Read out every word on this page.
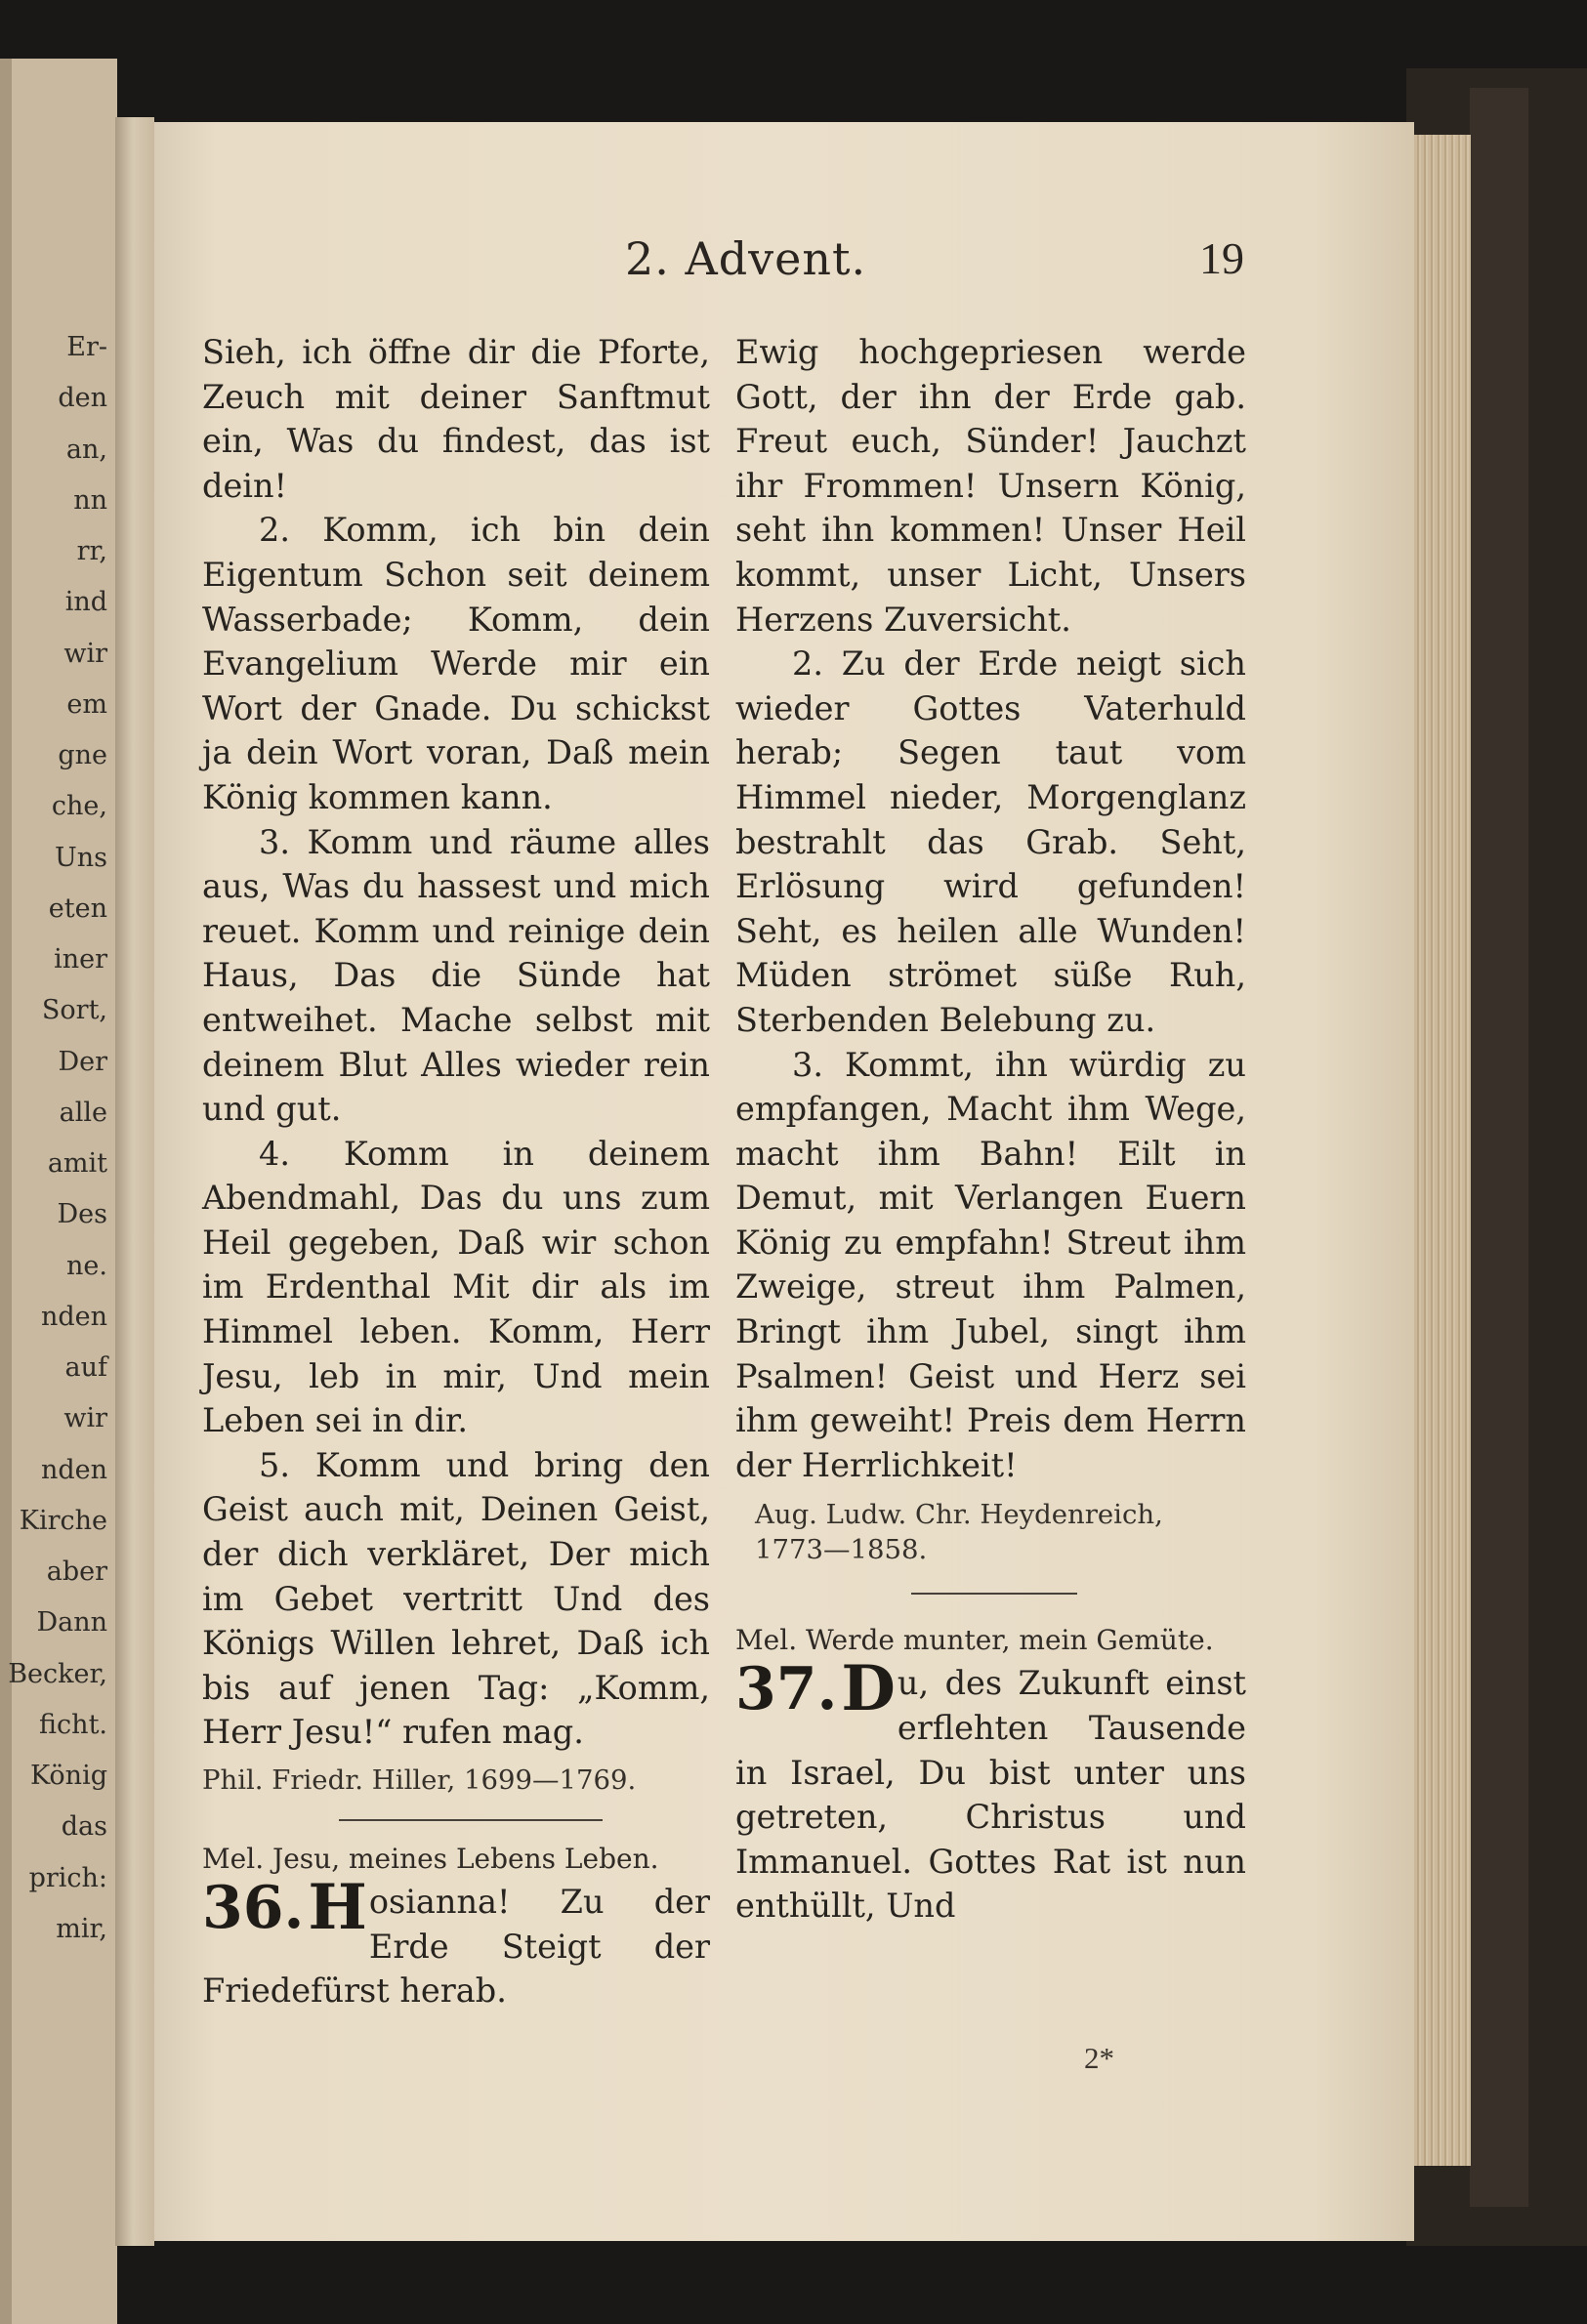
Er-
den
an,
nn
rr,
ind
wir
em
gne
che,
Uns
eten
iner
Sort,
Der
alle
amit
Des
ne.
nden
auf
wir
nden
Kirche
aber
Dann
Becker,
ficht.
König
das
prich:
mir,
2. Advent.	19

Sieh, ich öffne dir die Pforte, Zeuch mit deiner Sanftmut ein, Was du findest, das ist dein!

2. Komm, ich bin dein Eigentum Schon seit deinem Wasserbade; Komm, dein Evangelium Werde mir ein Wort der Gnade. Du schickst ja dein Wort voran, Daß mein König kommen kann.

3. Komm und räume alles aus, Was du hassest und mich reuet. Komm und reinige dein Haus, Das die Sünde hat entweihet. Mache selbst mit deinem Blut Alles wieder rein und gut.

4. Komm in deinem Abendmahl, Das du uns zum Heil gegeben, Daß wir schon im Erdenthal Mit dir als im Himmel leben. Komm, Herr Jesu, leb in mir, Und mein Leben sei in dir.

5. Komm und bring den Geist auch mit, Deinen Geist, der dich verkläret, Der mich im Gebet vertritt Und des Königs Willen lehret, Daß ich bis auf jenen Tag: „Komm, Herr Jesu!“ rufen mag.

Phil. Friedr. Hiller, 1699—1769.

Mel. Jesu, meines Lebens Leben.

36. H osianna! Zu der Erde Steigt der Friedefürst herab.

Ewig hochgepriesen werde Gott, der ihn der Erde gab. Freut euch, Sünder! Jauchzt ihr Frommen! Unsern König, seht ihn kommen! Unser Heil kommt, unser Licht, Unsers Herzens Zuversicht.

2. Zu der Erde neigt sich wieder Gottes Vaterhuld herab; Segen taut vom Himmel nieder, Morgenglanz bestrahlt das Grab. Seht, Erlösung wird gefunden! Seht, es heilen alle Wunden! Müden strömet süße Ruh, Sterbenden Belebung zu.

3. Kommt, ihn würdig zu empfangen, Macht ihm Wege, macht ihm Bahn! Eilt in Demut, mit Verlangen Euern König zu empfahn! Streut ihm Zweige, streut ihm Palmen, Bringt ihm Jubel, singt ihm Psalmen! Geist und Herz sei ihm geweiht! Preis dem Herrn der Herrlichkeit!

Aug. Ludw. Chr. Heydenreich,

1773—1858.

Mel. Werde munter, mein Gemüte.

37. D u, des Zukunft einst erflehten Tausende in Israel, Du bist unter uns getreten, Christus und Immanuel. Gottes Rat ist nun enthüllt, Und

2*
